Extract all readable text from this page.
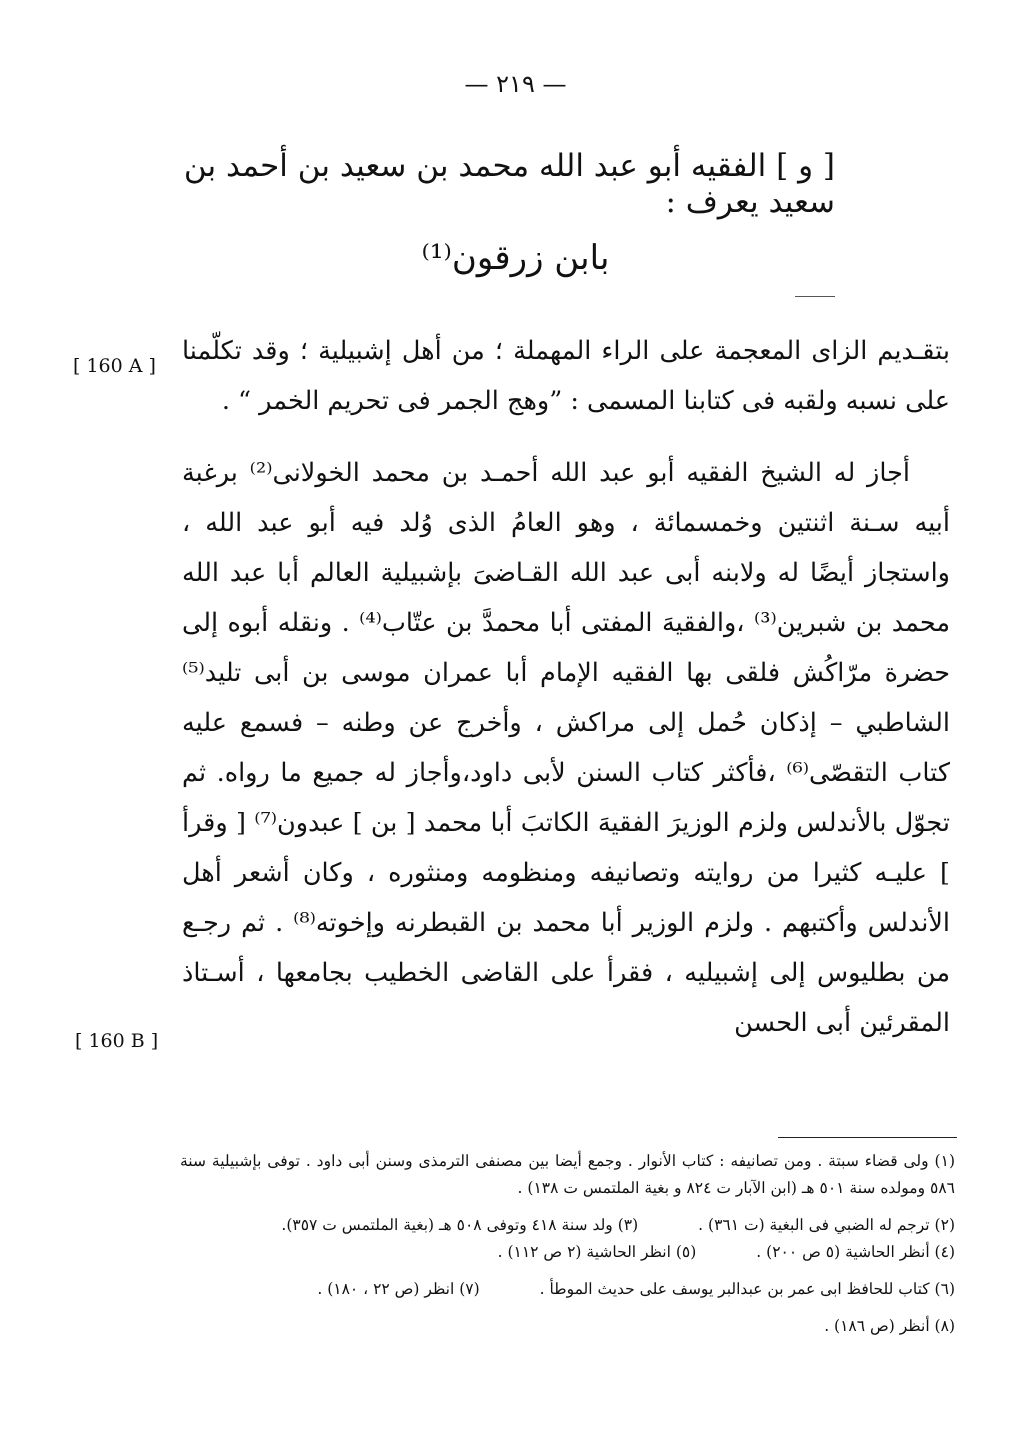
— ٢١٩ —
[ و ] الفقيه أبو عبد الله محمد بن سعيد بن أحمد بن سعيد يعرف :
بابن زرقون⁽¹⁾
[ 160 A ]
[ 160 B ]

بتقـديم الزاى المعجمة على الراء المهملة ؛ من أهل إشبيلية ؛ وقد تكلّمنا على نسبه ولقبه فى كتابنا المسمى : ”وهج الجمر فى تحريم الخمر “ .

أجاز له الشيخ الفقيه أبو عبد الله أحمـد بن محمد الخولانى⁽²⁾ برغبة أبيه سـنة اثنتين وخمسمائة ، وهو العامُ الذى وُلد فيه أبو عبد الله ، واستجاز أيضًا له ولابنه أبى عبد الله القـاضىَ بإشبيلية العالم أبا عبد الله محمد بن شبرين⁽³⁾ ،والفقيهَ المفتى أبا محمدَّ بن عتّاب⁽⁴⁾ . ونقله أبوه إلى حضرة مرّاكُش فلقى بها الفقيه الإمام أبا عمران موسى بن أبى تليد⁽⁵⁾ الشاطبي – إذكان حُمل إلى مراكش ، وأخرج عن وطنه – فسمع عليه كتاب التقصّى⁽⁶⁾ ،فأكثر كتاب السنن لأبى داود،وأجاز له جميع ما رواه. ثم تجوّل بالأندلس ولزم الوزيرَ الفقيهَ الكاتبَ أبا محمد [ بن ] عبدون⁽⁷⁾ [ وقرأ ] عليـه كثيرا من روايته وتصانيفه ومنظومه ومنثوره ، وكان أشعر أهل الأندلس وأكتبهم . ولزم الوزير أبا محمد بن القبطرنه وإخوته⁽⁸⁾ . ثم رجـع من بطليوس إلى إشبيليه ، فقرأ على القاضى الخطيب بجامعها ، أسـتاذ المقرئين أبى الحسن

(١) ولى قضاء سبتة . ومن تصانيفه : كتاب الأنوار . وجمع أيضا بين مصنفى الترمذى وسنن أبى داود . توفى بإشبيلية سنة ٥٨٦ ومولده سنة ٥٠١ هـ (ابن الآبار ت ٨٢٤ و بغية الملتمس ت ١٣٨) .

(٢) ترجم له الضبي فى البغية (ت ٣٦١) .

(٣) ولد سنة ٤١٨ وتوفى ٥٠٨ هـ (بغية الملتمس ت ٣٥٧).

(٤) أنظر الحاشية (٥ ص ٢٠٠) .

(٥) انظر الحاشية (٢ ص ١١٢) .

(٦) كتاب للحافظ ابى عمر بن عبدالبر يوسف على حديث الموطأ .

(٧) انظر (ص ٢٢ ، ١٨٠) .

(٨) أنظر (ص ١٨٦) .
